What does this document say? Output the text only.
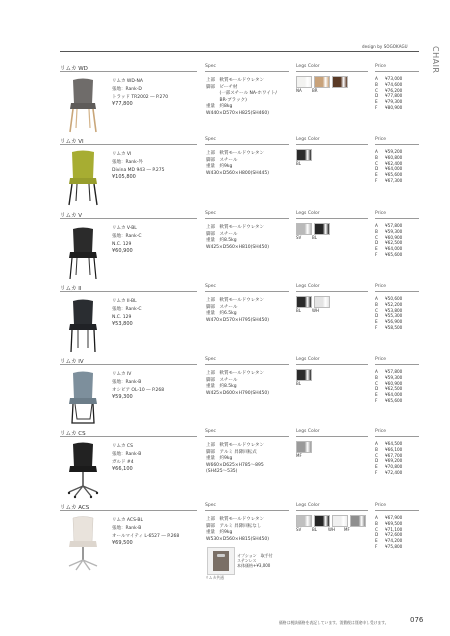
design by SOGOKAGU	CHAIR
リムカ WD	Spec	Legs Color	Price
リムカ WD-NA
張地：Rank-D
トラッド TR2002 ― P.270
¥77,800
上部　軟質モールドウレタン
脚部　ビーチ材
　　　(一部スチール NA-ホワイト/
　　　BR-ブラック)
重量　約8kg
W440×D570×H825(SH460)
NA	BR
A ¥73,000
B ¥74,600
C ¥76,200
D ¥77,800
E ¥79,300
F ¥80,900
リムカ VI	Spec	Legs Color	Price
リムカ VI
張地：Rank-外
Divina MD 943 ― P.275
¥105,800
上部　軟質モールドウレタン
脚部　スチール
重量　約9kg
W430×D560×H800(SH445)
BL
A ¥59,200
B ¥60,800
C ¥62,400
D ¥64,000
E ¥65,600
F ¥67,300
リムカ V	Spec	Legs Color	Price
リムカ V-BL
張地：Rank-C
N.C. 129
¥60,900
上部　軟質モールドウレタン
脚部　スチール
重量　約8.5kg
W425×D560×H810(SH450)
SV	BL
A ¥57,800
B ¥59,300
C ¥60,900
D ¥62,500
E ¥64,000
F ¥65,600
リムカ II	Spec	Legs Color	Price
リムカ II-BL
張地：Rank-C
N.C. 129
¥53,800
上部　軟質モールドウレタン
脚部　スチール
重量　約6.5kg
W470×D570×H795(SH450)
BL	WH
A ¥50,600
B ¥52,200
C ¥53,800
D ¥55,300
E ¥56,900
F ¥58,500
リムカ IV	Spec	Legs Color	Price
リムカ IV
張地：Rank-B
オシビア OL-10 ― P.268
¥59,300
上部　軟質モールドウレタン
脚部　スチール
重量　約8.5kg
W425×D600×H790(SH450)
BL
A ¥57,800
B ¥59,300
C ¥60,900
D ¥62,500
E ¥64,000
F ¥65,600
リムカ CS	Spec	Legs Color	Price
リムカ CS
張地：Rank-B
ガルド #4
¥66,100
上部　軟質モールドウレタン
脚部　アルミ 昇降回転式
重量　約9kg
W660×D625×H785～895
(SH425～535)
MF
A ¥64,500
B ¥66,100
C ¥67,700
D ¥69,200
E ¥70,800
F ¥72,400
リムカ ACS	Spec	Legs Color	Price
リムカ ACS-BL
張地：Rank-B
オールマイティ L-6527 ― P.268
¥69,500
上部　軟質モールドウレタン
脚部　アルミ 昇降回転なし
重量　約9kg
W530×D560×H815(SH450)
SV	BL	WH MF
A ¥67,900
B ¥69,500
C ¥71,100
D ¥72,600
E ¥74,200
F ¥75,800
オプション　取手付
ステンレス
本体価格+¥3,000
リムカ共通
価格は税抜価格を表記しています。消費税は別途申し受けます。	076
